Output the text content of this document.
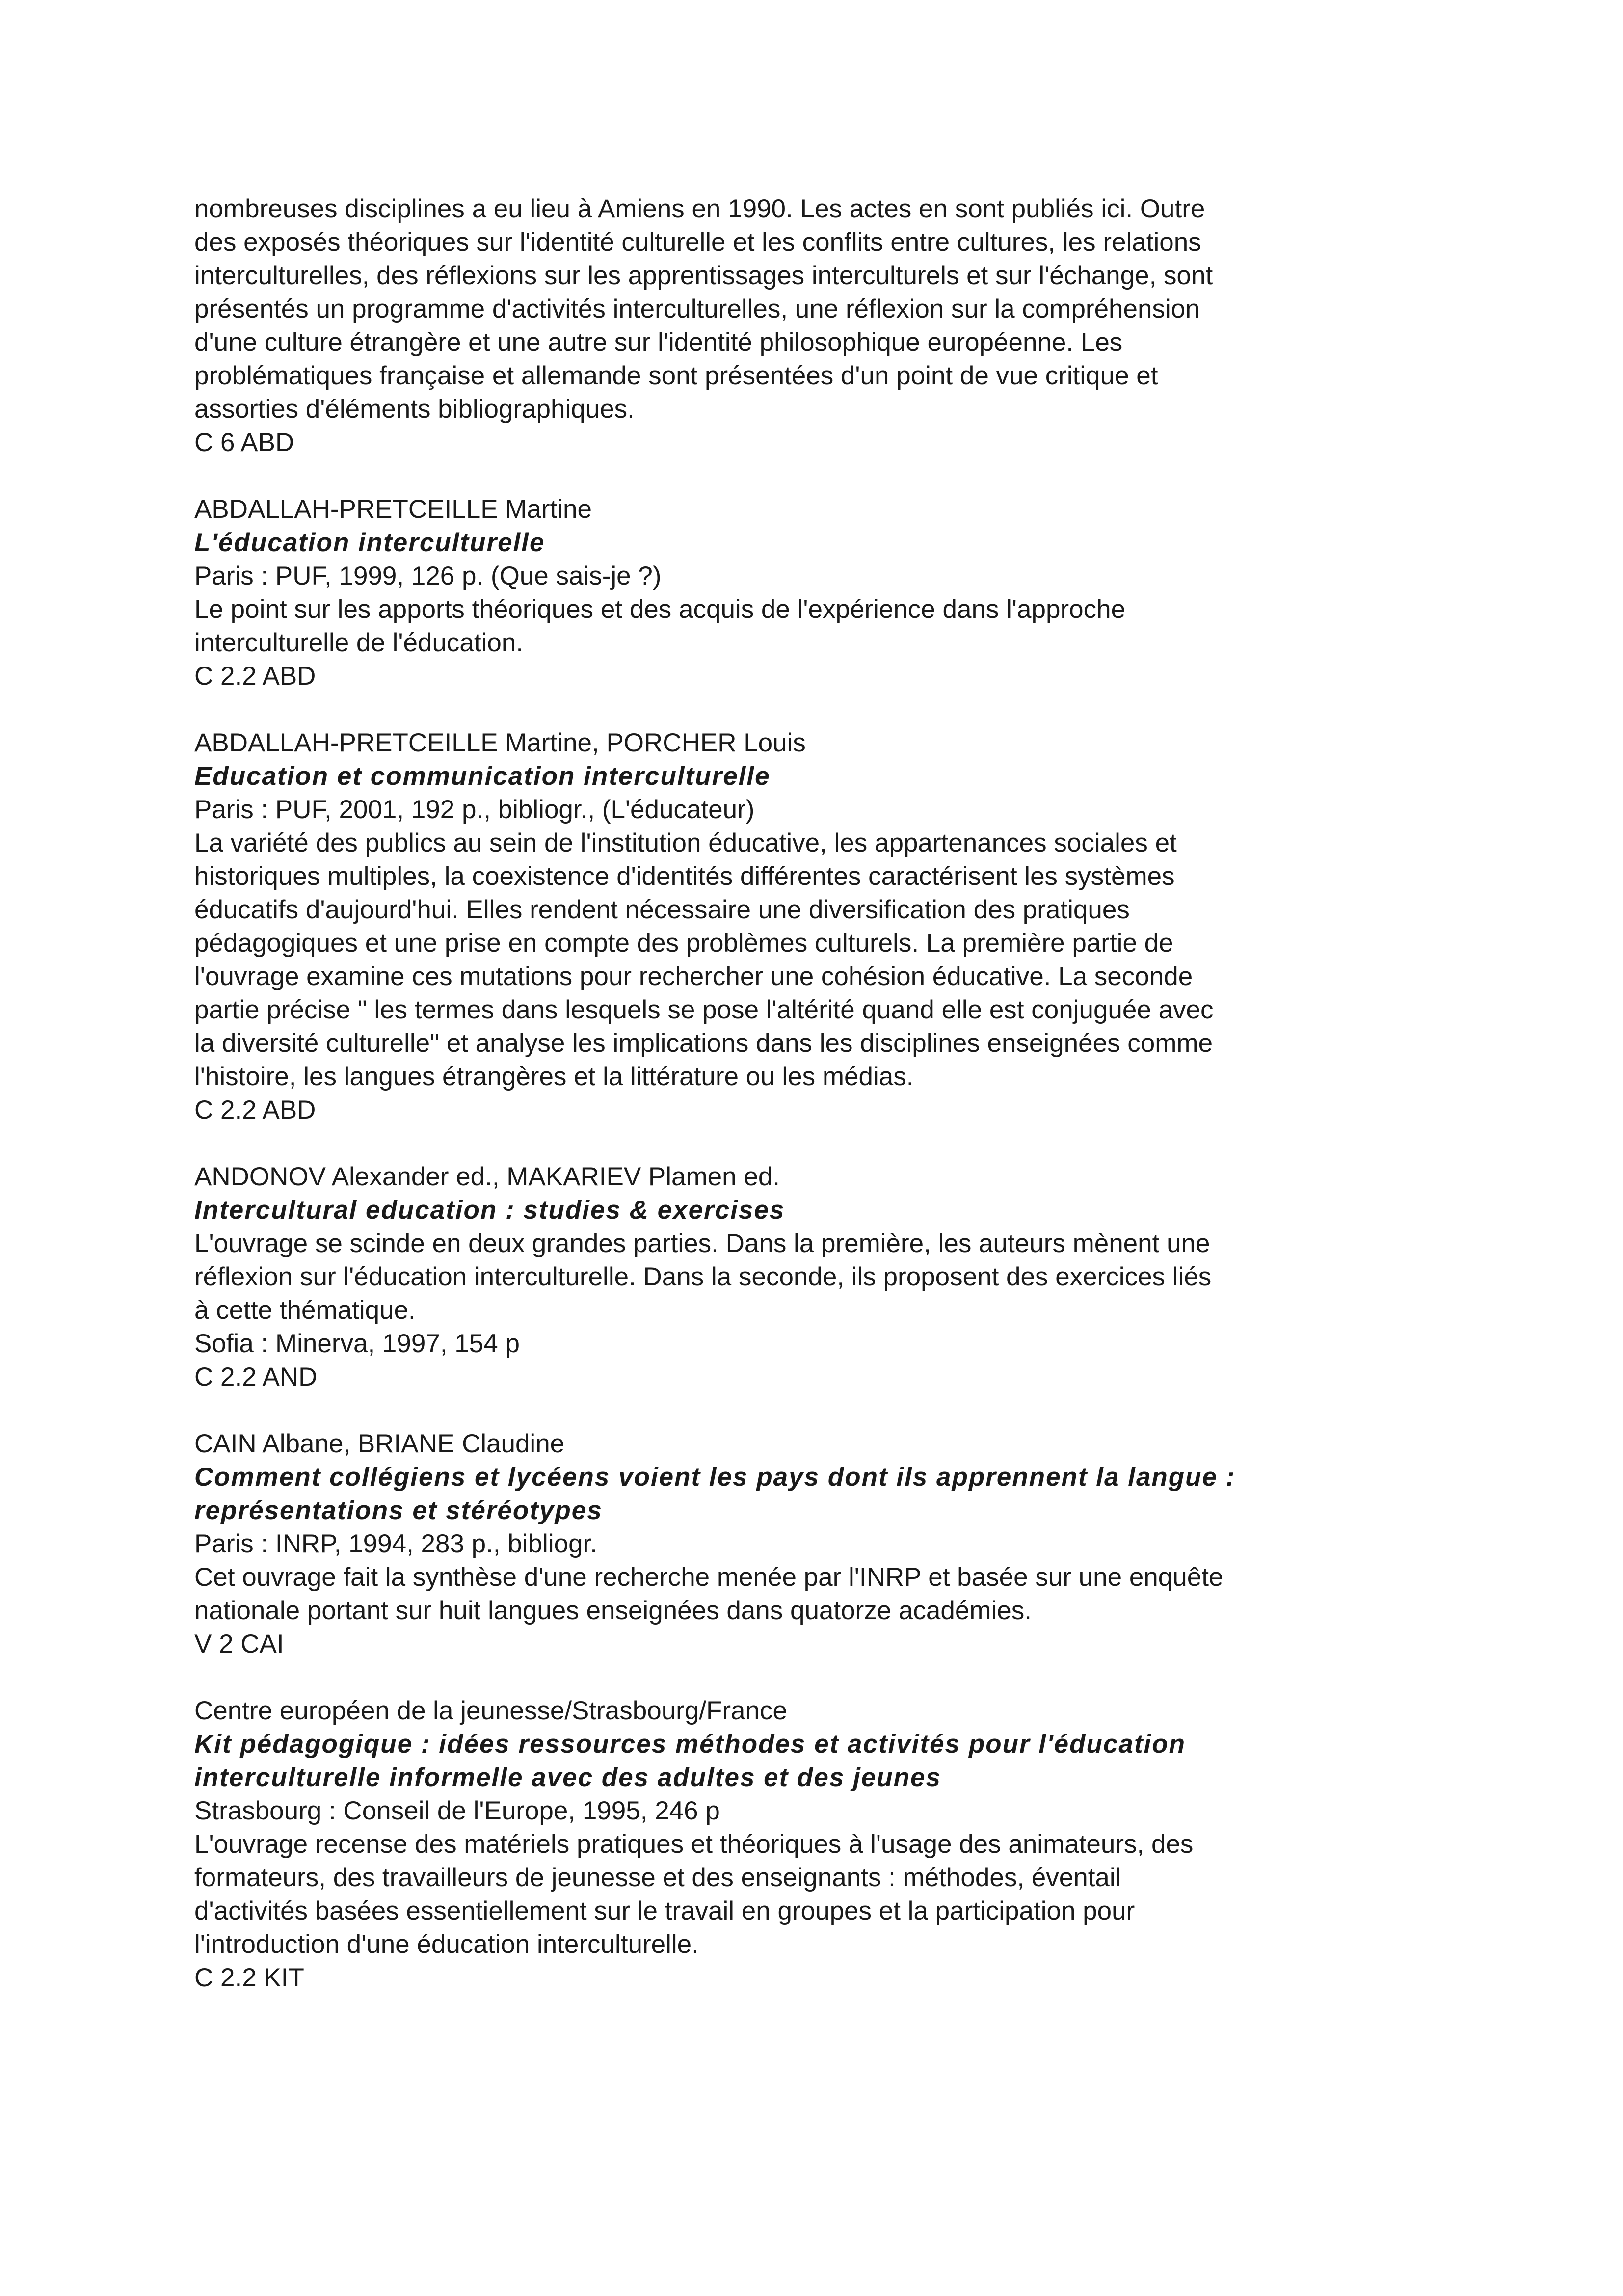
nombreuses disciplines a eu lieu à Amiens en 1990. Les actes en sont publiés ici. Outre
des exposés théoriques sur l'identité culturelle et les conflits entre cultures, les relations
interculturelles, des réflexions sur les apprentissages interculturels et sur l'échange, sont
présentés un programme d'activités interculturelles, une réflexion sur la compréhension
d'une culture étrangère et une autre sur l'identité philosophique européenne. Les
problématiques française et allemande sont présentées d'un point de vue critique et
assorties d'éléments bibliographiques.
C 6 ABD
ABDALLAH-PRETCEILLE Martine
L'éducation interculturelle
Paris : PUF, 1999, 126 p. (Que sais-je ?)
Le point sur les apports théoriques et des acquis de l'expérience dans l'approche
interculturelle de l'éducation.
C 2.2 ABD
ABDALLAH-PRETCEILLE Martine, PORCHER Louis
Education et communication interculturelle
Paris : PUF, 2001, 192 p., bibliogr., (L'éducateur)
La variété des publics au sein de l'institution éducative, les appartenances sociales et
historiques multiples, la coexistence d'identités différentes caractérisent les systèmes
éducatifs d'aujourd'hui. Elles rendent nécessaire une diversification des pratiques
pédagogiques et une prise en compte des problèmes culturels. La première partie de
l'ouvrage examine ces mutations pour rechercher une cohésion éducative. La seconde
partie précise " les termes dans lesquels se pose l'altérité quand elle est conjuguée avec
la diversité culturelle" et analyse les implications dans les disciplines enseignées comme
l'histoire, les langues étrangères et la littérature ou les médias.
C 2.2 ABD
ANDONOV Alexander ed., MAKARIEV Plamen ed.
Intercultural education : studies & exercises
L'ouvrage se scinde en deux grandes parties. Dans la première, les auteurs mènent une
réflexion sur l'éducation interculturelle. Dans la seconde, ils proposent des exercices liés
à cette thématique.
Sofia : Minerva, 1997, 154 p
C 2.2 AND
CAIN Albane, BRIANE Claudine
Comment collégiens et lycéens voient les pays dont ils apprennent la langue :
représentations et stéréotypes
Paris : INRP, 1994, 283 p., bibliogr.
Cet ouvrage fait la synthèse d'une recherche menée par l'INRP et basée sur une enquête
nationale portant sur huit langues enseignées dans quatorze académies.
V 2 CAI
Centre européen de la jeunesse/Strasbourg/France
Kit pédagogique : idées ressources méthodes et activités pour l'éducation
interculturelle informelle avec des adultes et des jeunes
Strasbourg : Conseil de l'Europe, 1995, 246 p
L'ouvrage recense des matériels pratiques et théoriques à l'usage des animateurs, des
formateurs, des travailleurs de jeunesse et des enseignants : méthodes, éventail
d'activités basées essentiellement sur le travail en groupes et la participation pour
l'introduction d'une éducation interculturelle.
C 2.2 KIT
